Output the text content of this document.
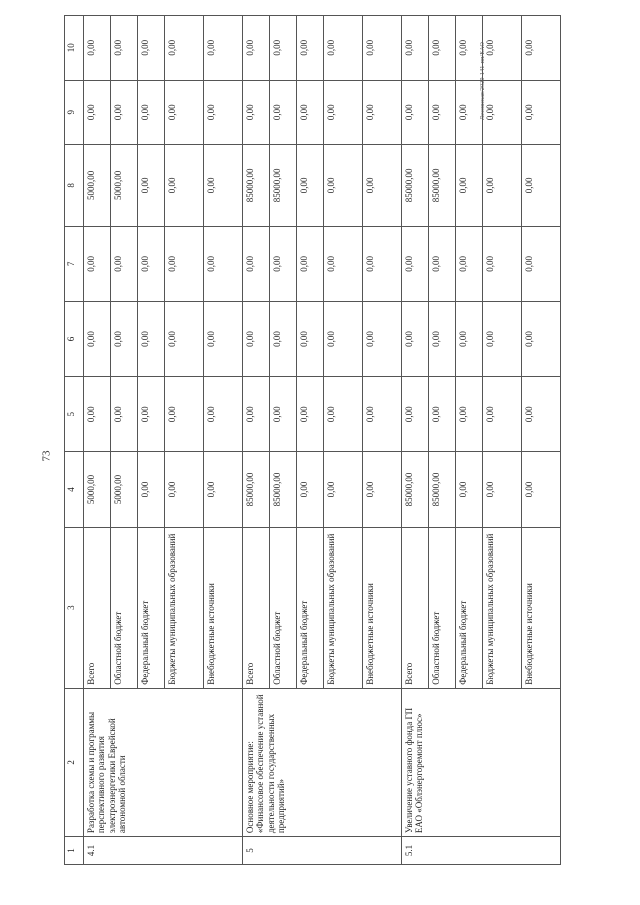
73
Лесовская/2020-141-пп/ЕАО
1	2	3	4	5	6	7	8	9	10
4.1	Разработка схемы и программы перспективного развития электроэнергетики Еврейской автономной области	Всего	5000,00	0,00	0,00	0,00	5000,00	0,00	0,00
		Областной бюджет	5000,00	0,00	0,00	0,00	5000,00	0,00	0,00
		Федеральный бюджет	0,00	0,00	0,00	0,00	0,00	0,00	0,00
		Бюджеты муниципальных образований	0,00	0,00	0,00	0,00	0,00	0,00	0,00
		Внебюджетные источники	0,00	0,00	0,00	0,00	0,00	0,00	0,00
5	Основное мероприятие: «Финансовое обеспечение уставной деятельности государственных предприятий»	Всего	85000,00	0,00	0,00	0,00	85000,00	0,00	0,00
		Областной бюджет	85000,00	0,00	0,00	0,00	85000,00	0,00	0,00
		Федеральный бюджет	0,00	0,00	0,00	0,00	0,00	0,00	0,00
		Бюджеты муниципальных образований	0,00	0,00	0,00	0,00	0,00	0,00	0,00
		Внебюджетные источники	0,00	0,00	0,00	0,00	0,00	0,00	0,00
5.1	Увеличение уставного фонда ГП ЕАО «Облэнергоремонт плюс»	Всего	85000,00	0,00	0,00	0,00	85000,00	0,00	0,00
		Областной бюджет	85000,00	0,00	0,00	0,00	85000,00	0,00	0,00
		Федеральный бюджет	0,00	0,00	0,00	0,00	0,00	0,00	0,00
		Бюджеты муниципальных образований	0,00	0,00	0,00	0,00	0,00	0,00	0,00
		Внебюджетные источники	0,00	0,00	0,00	0,00	0,00	0,00	0,00
